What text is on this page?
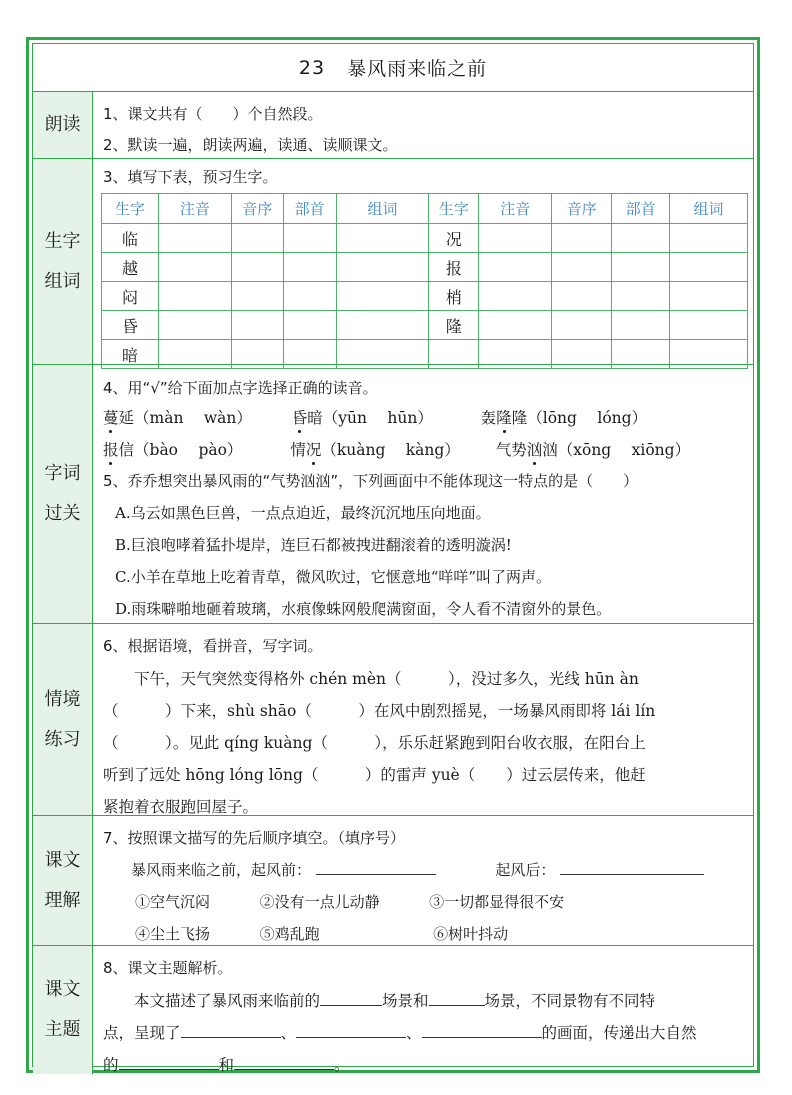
23 暴风雨来临之前
朗读 1、课文共有（　　）个自然段。
2、默读一遍，朗读两遍，读通、读顺课文。
生字
组词
3、填写下表，预习生字。
生字	注音	音序	部首	组词	生字	注音	音序	部首	组词
临					况				
越					报				
闷					梢				
昏					隆				
暗									
字词
过关
4、用“√”给下面加点字选择正确的读音。
蔓延（màn　 wàn）	昏暗（yūn　 hūn）	轰隆隆（lōng　 lóng）
报信（bào　 pào）	情况（kuàng　 kàng） 气势汹汹（xōng　 xiōng）
5、乔乔想突出暴风雨的“气势汹汹”，下列画面中不能体现这一特点的是（　　）
A.乌云如黑色巨兽，一点点迫近，最终沉沉地压向地面。
B.巨浪咆哮着猛扑堤岸，连巨石都被拽进翻滚着的透明漩涡!
C.小羊在草地上吃着青草，微风吹过，它惬意地“咩咩”叫了两声。
D.雨珠噼啪地砸着玻璃，水痕像蛛网般爬满窗面，令人看不清窗外的景色。
情境
练习
6、根据语境，看拼音，写字词。
　　下午，天气突然变得格外 chén mèn（　　　），没过多久，光线 hūn àn
（　　　）下来，shù shāo（　　　）在风中剧烈摇晃，一场暴风雨即将 lái lín
（　　　）。见此 qíng kuàng（　　　），乐乐赶紧跑到阳台收衣服，在阳台上
听到了远处 hōng lóng lōng（　　　）的雷声 yuè（　　）过云层传来，他赶
紧抱着衣服跑回屋子。
课文
理解
7、按照课文描写的先后顺序填空。（填序号）
暴风雨来临之前，起风前：	起风后：
①空气沉闷	②没有一点儿动静	③一切都显得很不安
④尘土飞扬	⑤鸡乱跑	⑥树叶抖动
课文
主题
8、课文主题解析。
　　本文描述了暴风雨来临前的	场景和	场景，不同景物有不同特
点，呈现了	、	、	的画面，传递出大自然
的	和	。
